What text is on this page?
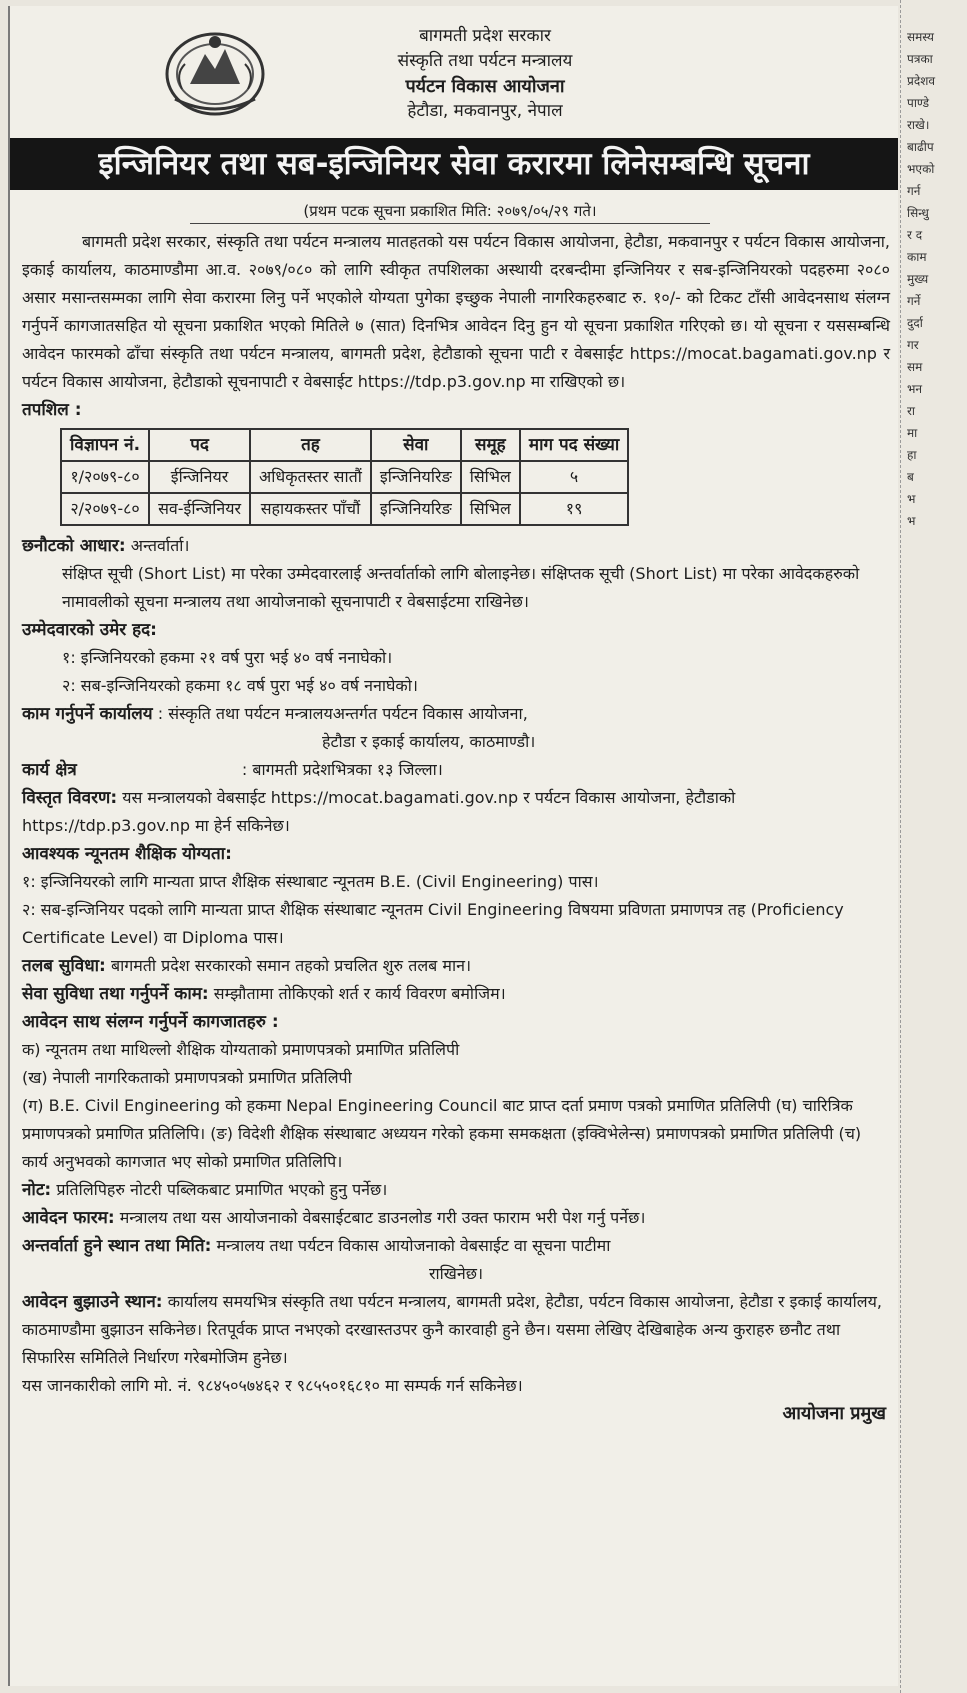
बागमती प्रदेश सरकार
संस्कृति तथा पर्यटन मन्त्रालय
पर्यटन विकास आयोजना
हेटौडा, मकवानपुर, नेपाल
इन्जिनियर तथा सब-इन्जिनियर सेवा करारमा लिनेसम्बन्धि सूचना
(प्रथम पटक सूचना प्रकाशित मिति: २०७९/०५/२९ गते।
बागमती प्रदेश सरकार, संस्कृति तथा पर्यटन मन्त्रालय मातहतको यस पर्यटन विकास आयोजना, हेटौडा, मकवानपुर र पर्यटन विकास आयोजना, इकाई कार्यालय, काठमाण्डौमा आ.व. २०७९/०८० को लागि स्वीकृत तपशिलका अस्थायी दरबन्दीमा इन्जिनियर र सब-इन्जिनियरको पदहरुमा २०८० असार मसान्तसम्मका लागि सेवा करारमा लिनु पर्ने भएकोले योग्यता पुगेका इच्छुक नेपाली नागरिकहरुबाट रु. १०/- को टिकट टाँसी आवेदनसाथ संलग्न गर्नुपर्ने कागजातसहित यो सूचना प्रकाशित भएको मितिले ७ (सात) दिनभित्र आवेदन दिनु हुन यो सूचना प्रकाशित गरिएको छ। यो सूचना र यससम्बन्धि आवेदन फारमको ढाँचा संस्कृति तथा पर्यटन मन्त्रालय, बागमती प्रदेश, हेटौडाको सूचना पाटी र वेबसाईट https://mocat.bagamati.gov.np र पर्यटन विकास आयोजना, हेटौडाको सूचनापाटी र वेबसाईट https://tdp.p3.gov.np मा राखिएको छ।
तपशिल :
विज्ञापन नं.	पद	तह	सेवा	समूह	माग पद संख्या
१/२०७९-८०	ईन्जिनियर	अधिकृतस्तर सातौं	इन्जिनियरिङ	सिभिल	५
२/२०७९-८०	सव-ईन्जिनियर	सहायकस्तर पाँचौं	इन्जिनियरिङ	सिभिल	१९
छनौटको आधार: अन्तर्वार्ता।
संक्षिप्त सूची (Short List) मा परेका उम्मेदवारलाई अन्तर्वार्ताको लागि बोलाइनेछ। संक्षिप्तक सूची (Short List) मा परेका आवेदकहरुको नामावलीको सूचना मन्त्रालय तथा आयोजनाको सूचनापाटी र वेबसाईटमा राखिनेछ।
उम्मेदवारको उमेर हद:
१: इन्जिनियरको हकमा २१ वर्ष पुरा भई ४० वर्ष ननाघेको।
२: सब-इन्जिनियरको हकमा १८ वर्ष पुरा भई ४० वर्ष ननाघेको।
काम गर्नुपर्ने कार्यालय : संस्कृति तथा पर्यटन मन्त्रालयअन्तर्गत पर्यटन विकास आयोजना,
हेटौडा र इकाई कार्यालय, काठमाण्डौ।
कार्य क्षेत्र	: बागमती प्रदेशभित्रका १३ जिल्ला।
विस्तृत विवरण: यस मन्त्रालयको वेबसाईट https://mocat.bagamati.gov.np र पर्यटन विकास आयोजना, हेटौडाको https://tdp.p3.gov.np मा हेर्न सकिनेछ।
आवश्यक न्यूनतम शैक्षिक योग्यता:
१: इन्जिनियरको लागि मान्यता प्राप्त शैक्षिक संस्थाबाट न्यूनतम B.E. (Civil Engineering) पास।
२: सब-इन्जिनियर पदको लागि मान्यता प्राप्त शैक्षिक संस्थाबाट न्यूनतम Civil Engineering विषयमा प्रविणता प्रमाणपत्र तह (Proficiency Certificate Level) वा Diploma पास।
तलब सुविधा: बागमती प्रदेश सरकारको समान तहको प्रचलित शुरु तलब मान।
सेवा सुविधा तथा गर्नुपर्ने काम: सम्झौतामा तोकिएको शर्त र कार्य विवरण बमोजिम।
आवेदन साथ संलग्न गर्नुपर्ने कागजातहरु :
क) न्यूनतम तथा माथिल्लो शैक्षिक योग्यताको प्रमाणपत्रको प्रमाणित प्रतिलिपी
(ख) नेपाली नागरिकताको प्रमाणपत्रको प्रमाणित प्रतिलिपी
(ग) B.E. Civil Engineering को हकमा Nepal Engineering Council बाट प्राप्त दर्ता प्रमाण पत्रको प्रमाणित प्रतिलिपी (घ) चारित्रिक प्रमाणपत्रको प्रमाणित प्रतिलिपि। (ङ) विदेशी शैक्षिक संस्थाबाट अध्ययन गरेको हकमा समकक्षता (इक्विभेलेन्स) प्रमाणपत्रको प्रमाणित प्रतिलिपी (च) कार्य अनुभवको कागजात भए सोको प्रमाणित प्रतिलिपि।
नोट: प्रतिलिपिहरु नोटरी पब्लिकबाट प्रमाणित भएको हुनु पर्नेछ।
आवेदन फारम: मन्त्रालय तथा यस आयोजनाको वेबसाईटबाट डाउनलोड गरी उक्त फाराम भरी पेश गर्नु पर्नेछ।
अन्तर्वार्ता हुने स्थान तथा मिति: मन्त्रालय तथा पर्यटन विकास आयोजनाको वेबसाईट वा सूचना पाटीमा
राखिनेछ।
आवेदन बुझाउने स्थान: कार्यालय समयभित्र संस्कृति तथा पर्यटन मन्त्रालय, बागमती प्रदेश, हेटौडा, पर्यटन विकास आयोजना, हेटौडा र इकाई कार्यालय, काठमाण्डौमा बुझाउन सकिनेछ। रितपूर्वक प्राप्त नभएको दरखास्तउपर कुनै कारवाही हुने छैन। यसमा लेखिए देखिबाहेक अन्य कुराहरु छनौट तथा सिफारिस समितिले निर्धारण गरेबमोजिम हुनेछ।
यस जानकारीको लागि मो. नं. ९८४५०५७४६२ र ९८५५०१६८१० मा सम्पर्क गर्न सकिनेछ।
आयोजना प्रमुख
समस्य
पत्रका
प्रदेशव
पाण्डे
राखे।
बाढीप
भएको
गर्न
सिन्धु
र द
काम
मुख्य
गर्ने
दुर्दा
गर
सम
भन
रा
मा
हा
ब
भ
भ
